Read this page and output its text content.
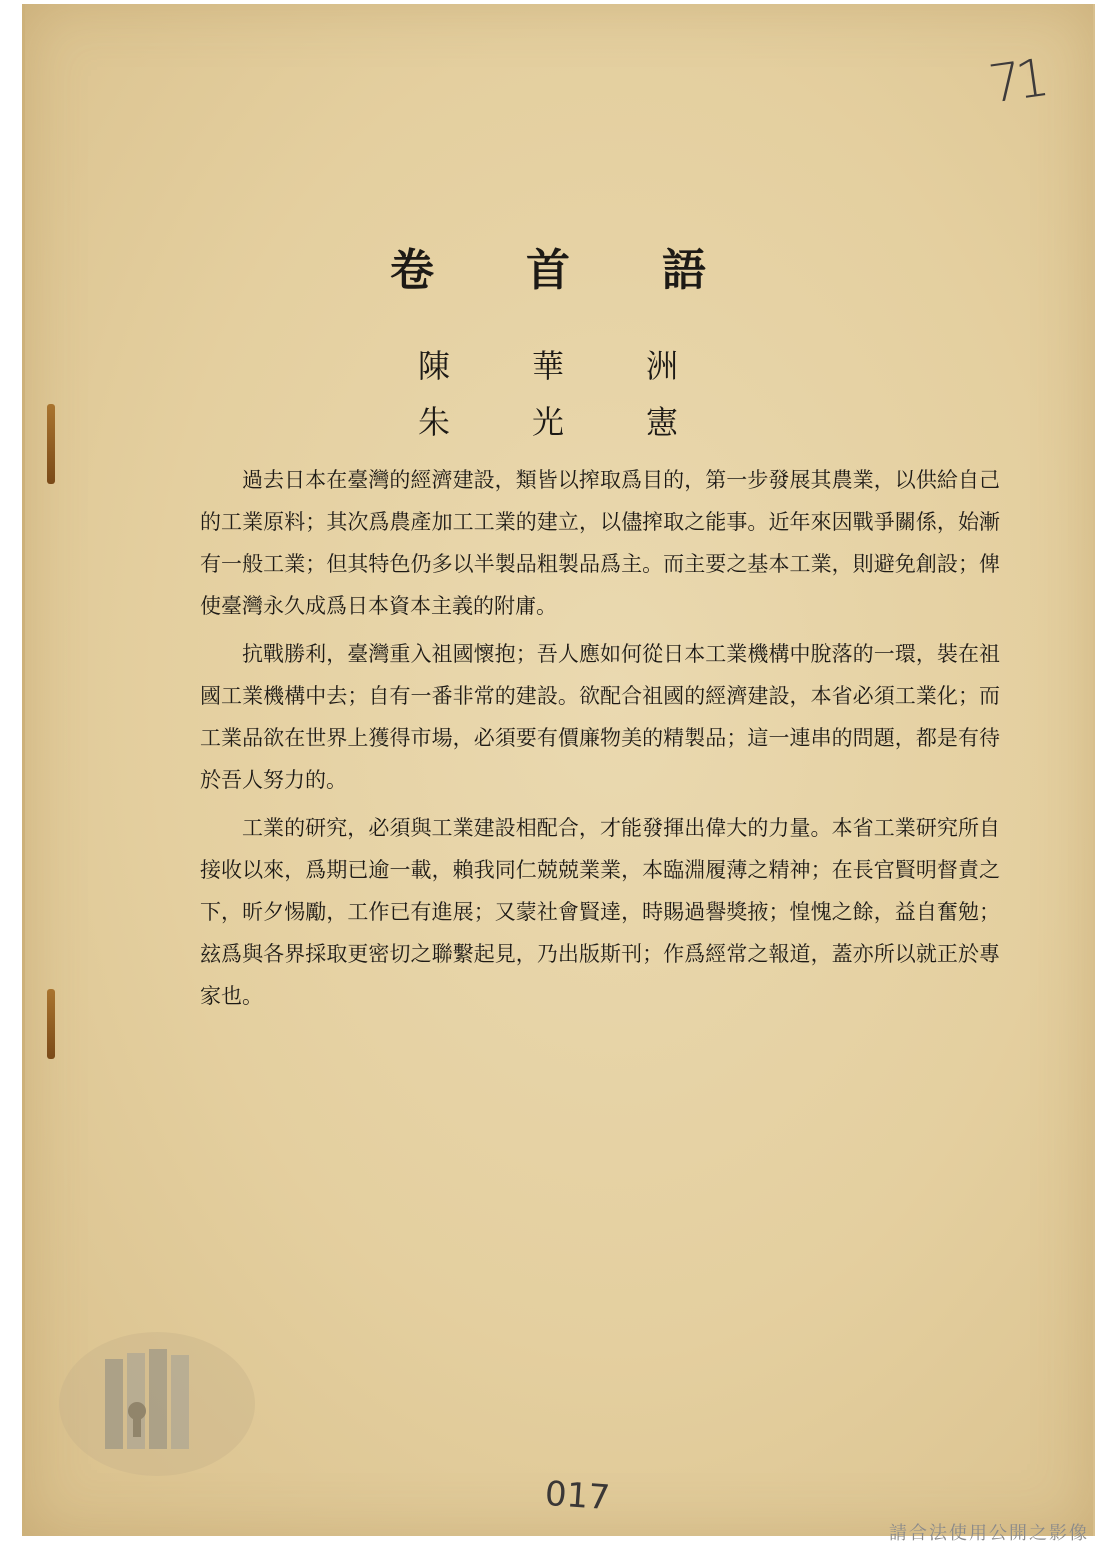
71
卷首語
陳華洲
朱光憲

過去日本在臺灣的經濟建設，類皆以搾取爲目的，第一步發展其農業，以供給自己的工業原料；其次爲農產加工工業的建立，以儘搾取之能事。近年來因戰爭關係，始漸有一般工業；但其特色仍多以半製品粗製品爲主。而主要之基本工業，則避免創設；俾使臺灣永久成爲日本資本主義的附庸。

抗戰勝利，臺灣重入祖國懷抱；吾人應如何從日本工業機構中脫落的一環，裝在祖國工業機構中去；自有一番非常的建設。欲配合祖國的經濟建設，本省必須工業化；而工業品欲在世界上獲得市場，必須要有價廉物美的精製品；這一連串的問題，都是有待於吾人努力的。

工業的研究，必須與工業建設相配合，才能發揮出偉大的力量。本省工業研究所自接收以來，爲期已逾一載，賴我同仁兢兢業業，本臨淵履薄之精神；在長官賢明督責之下，昕夕惕勵，工作已有進展；又蒙社會賢達，時賜過譽獎掖；惶愧之餘，益自奮勉；玆爲與各界採取更密切之聯繫起見，乃出版斯刊；作爲經常之報道，蓋亦所以就正於專家也。

017
請合法使用公開之影像
